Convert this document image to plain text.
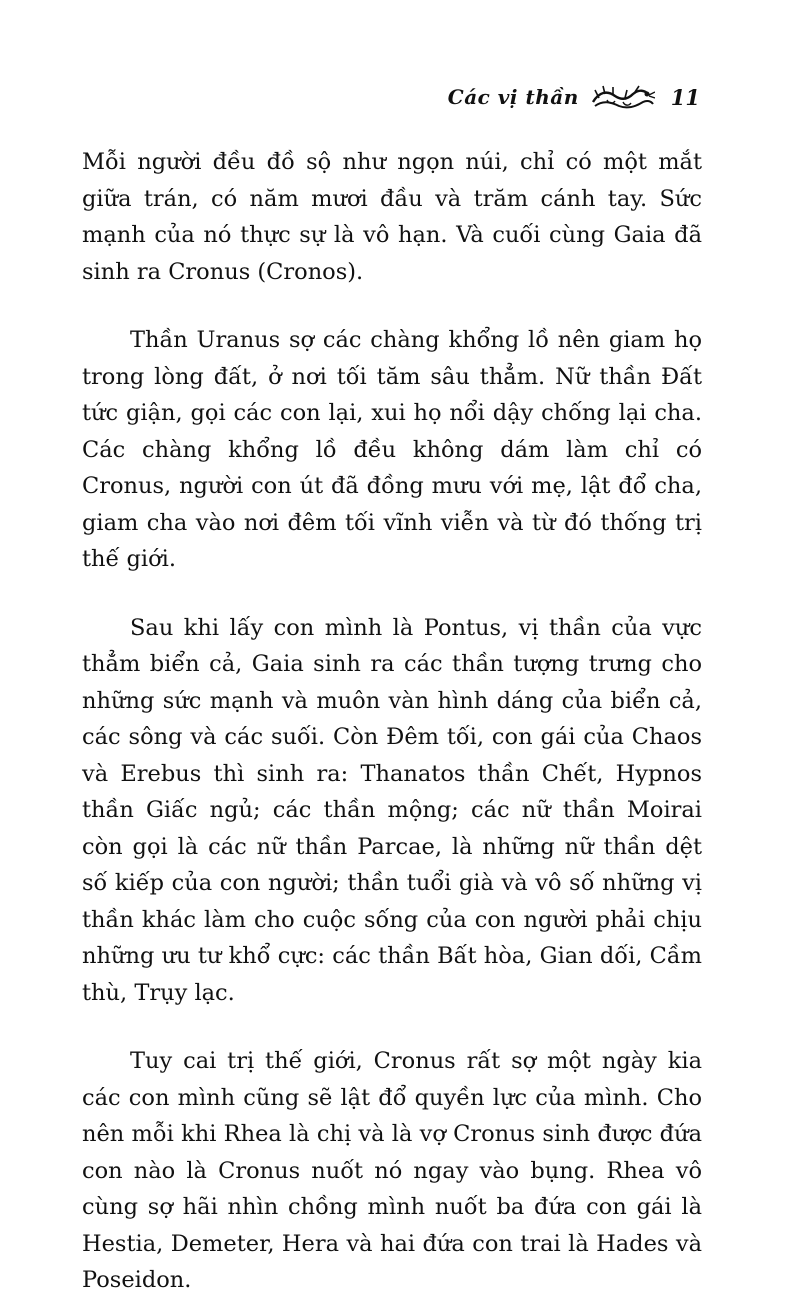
Các vị thần	11

Mỗi người đều đồ sộ như ngọn núi, chỉ có một mắt giữa trán, có năm mươi đầu và trăm cánh tay. Sức mạnh của nó thực sự là vô hạn. Và cuối cùng Gaia đã sinh ra Cronus (Cronos).

Thần Uranus sợ các chàng khổng lồ nên giam họ trong lòng đất, ở nơi tối tăm sâu thẳm. Nữ thần Đất tức giận, gọi các con lại, xui họ nổi dậy chống lại cha. Các chàng khổng lồ đều không dám làm chỉ có Cronus, người con út đã đồng mưu với mẹ, lật đổ cha, giam cha vào nơi đêm tối vĩnh viễn và từ đó thống trị thế giới.

Sau khi lấy con mình là Pontus, vị thần của vực thẳm biển cả, Gaia sinh ra các thần tượng trưng cho những sức mạnh và muôn vàn hình dáng của biển cả, các sông và các suối. Còn Đêm tối, con gái của Chaos và Erebus thì sinh ra: Thanatos thần Chết, Hypnos thần Giấc ngủ; các thần mộng; các nữ thần Moirai còn gọi là các nữ thần Parcae, là những nữ thần dệt số kiếp của con người; thần tuổi già và vô số những vị thần khác làm cho cuộc sống của con người phải chịu những ưu tư khổ cực: các thần Bất hòa, Gian dối, Cầm thù, Trụy lạc.

Tuy cai trị thế giới, Cronus rất sợ một ngày kia các con mình cũng sẽ lật đổ quyền lực của mình. Cho nên mỗi khi Rhea là chị và là vợ Cronus sinh được đứa con nào là Cronus nuốt nó ngay vào bụng. Rhea vô cùng sợ hãi nhìn chồng mình nuốt ba đứa con gái là Hestia, Demeter, Hera và hai đứa con trai là Hades và Poseidon.
